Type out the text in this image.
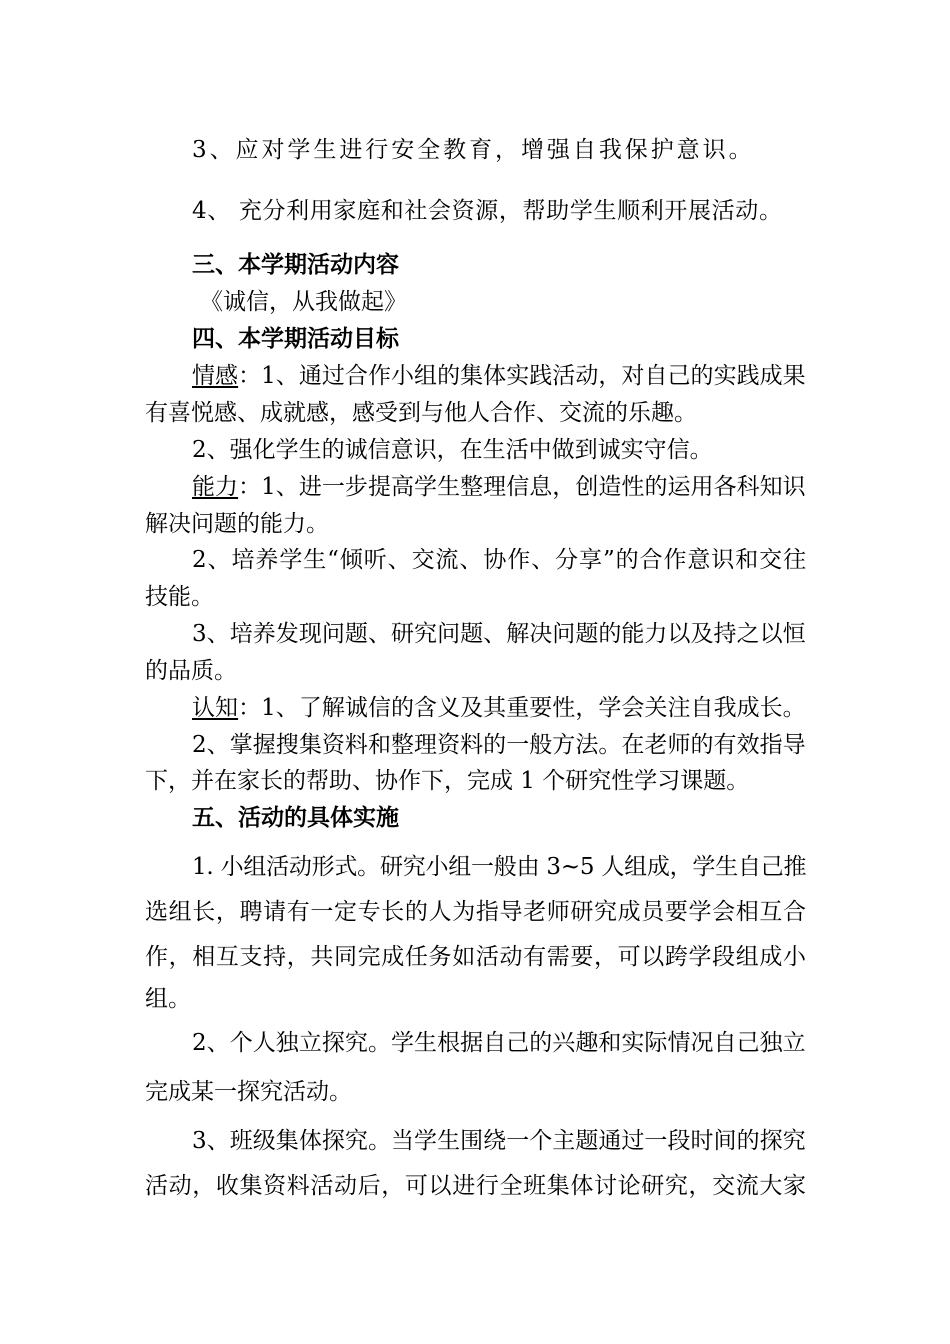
3、应对学生进行安全教育，增强自我保护意识。
4、 充分利用家庭和社会资源，帮助学生顺利开展活动。
三、本学期活动内容
《诚信，从我做起》
四、本学期活动目标
情感：1、通过合作小组的集体实践活动，对自己的实践成果
有喜悦感、成就感，感受到与他人合作、交流的乐趣。
2、强化学生的诚信意识，在生活中做到诚实守信。
能力：1、进一步提高学生整理信息，创造性的运用各科知识
解决问题的能力。
2、培养学生“倾听、交流、协作、分享”的合作意识和交往
技能。
3、培养发现问题、研究问题、解决问题的能力以及持之以恒
的品质。
认知：1、了解诚信的含义及其重要性，学会关注自我成长。
2、掌握搜集资料和整理资料的一般方法。在老师的有效指导
下，并在家长的帮助、协作下，完成 1 个研究性学习课题。
五、活动的具体实施
1. 小组活动形式。研究小组一般由 3~5 人组成，学生自己推
选组长，聘请有一定专长的人为指导老师研究成员要学会相互合
作，相互支持，共同完成任务如活动有需要，可以跨学段组成小
组。
2、个人独立探究。学生根据自己的兴趣和实际情况自己独立
完成某一探究活动。
3、班级集体探究。当学生围绕一个主题通过一段时间的探究
活动，收集资料活动后，可以进行全班集体讨论研究，交流大家
